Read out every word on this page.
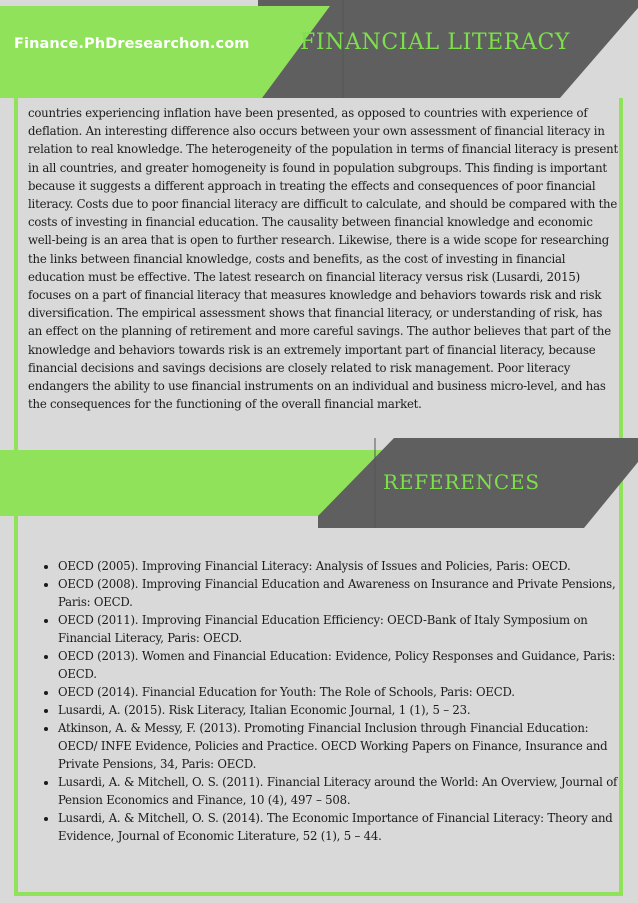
Finance.PhDresearchon.com FINANCIAL LITERACY
countries experiencing inflation have been presented, as opposed to countries with experience of deflation. An interesting difference also occurs between your own assessment of financial literacy in relation to real knowledge. The heterogeneity of the population in terms of financial literacy is present in all countries, and greater homogeneity is found in population subgroups. This finding is important because it suggests a different approach in treating the effects and consequences of poor financial literacy. Costs due to poor financial literacy are difficult to calculate, and should be compared with the costs of investing in financial education. The causality between financial knowledge and economic well-being is an area that is open to further research. Likewise, there is a wide scope for researching the links between financial knowledge, costs and benefits, as the cost of investing in financial education must be effective. The latest research on financial literacy versus risk (Lusardi, 2015) focuses on a part of financial literacy that measures knowledge and behaviors towards risk and risk diversification. The empirical assessment shows that financial literacy, or understanding of risk, has an effect on the planning of retirement and more careful savings. The author believes that part of the knowledge and behaviors towards risk is an extremely important part of financial literacy, because financial decisions and savings decisions are closely related to risk management. Poor literacy endangers the ability to use financial instruments on an individual and business micro-level, and has the consequences for the functioning of the overall financial market.
REFERENCES
• OECD (2005). Improving Financial Literacy: Analysis of Issues and Policies, Paris: OECD.
• OECD (2008). Improving Financial Education and Awareness on Insurance and Private Pensions, Paris: OECD.
• OECD (2011). Improving Financial Education Efficiency: OECD-Bank of Italy Symposium on Financial Literacy, Paris: OECD.
• OECD (2013). Women and Financial Education: Evidence, Policy Responses and Guidance, Paris: OECD.
• OECD (2014). Financial Education for Youth: The Role of Schools, Paris: OECD.
• Lusardi, A. (2015). Risk Literacy, Italian Economic Journal, 1 (1), 5 – 23.
• Atkinson, A. & Messy, F. (2013). Promoting Financial Inclusion through Financial Education: OECD/ INFE Evidence, Policies and Practice. OECD Working Papers on Finance, Insurance and Private Pensions, 34, Paris: OECD.
• Lusardi, A. & Mitchell, O. S. (2011). Financial Literacy around the World: An Overview, Journal of Pension Economics and Finance, 10 (4), 497 – 508.
• Lusardi, A. & Mitchell, O. S. (2014). The Economic Importance of Financial Literacy: Theory and Evidence, Journal of Economic Literature, 52 (1), 5 – 44.
